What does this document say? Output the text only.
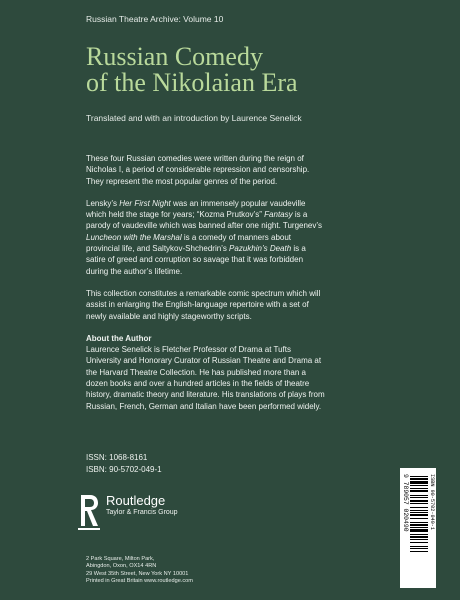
Russian Theatre Archive: Volume 10
Russian Comedy
of the Nikolaian Era
Translated and with an introduction by Laurence Senelick

These four Russian comedies were written during the reign of Nicholas I, a period of considerable repression and censorship. They represent the most popular genres of the period.

Lensky’s Her First Night was an immensely popular vaudeville which held the stage for years; “Kozma Prutkov’s” Fantasy is a parody of vaudeville which was banned after one night. Turgenev’s Luncheon with the Marshal is a comedy of manners about provincial life, and Saltykov-Shchedrin’s Pazukhin’s Death is a satire of greed and corruption so savage that it was forbidden during the author’s lifetime.

This collection constitutes a remarkable comic spectrum which will assist in enlarging the English-language repertoire with a set of newly available and highly stageworthy scripts.

About the Author

Laurence Senelick is Fletcher Professor of Drama at Tufts University and Honorary Curator of Russian Theatre and Drama at the Harvard Theatre Collection. He has published more than a dozen books and over a hundred articles in the fields of theatre history, dramatic theory and literature. His translations of plays from Russian, French, German and Italian have been performed widely.

ISSN: 1068-8161
ISBN: 90-5702-049-1
Routledge
Taylor & Francis Group
2 Park Square, Milton Park,
Abingdon, Oxon, OX14 4RN
29 West 35th Street, New York NY 10001
Printed in Great Britain www.routledge.com
ISBN 90-5702-049-1
9 789057 020490
